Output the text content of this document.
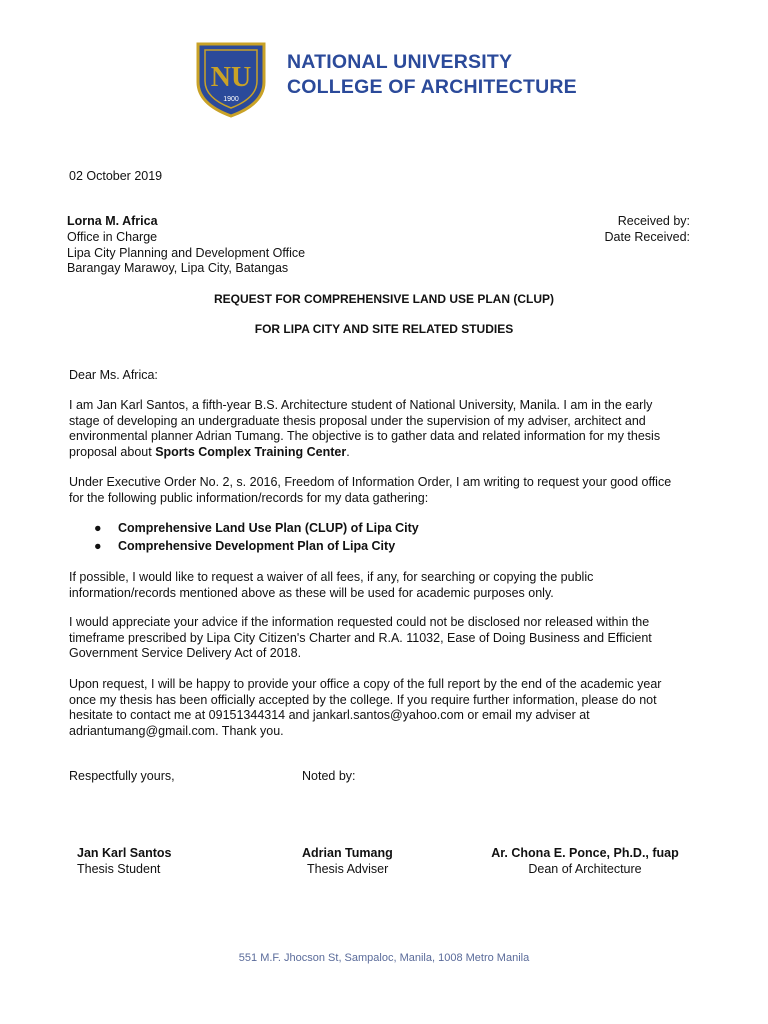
NU
1900
NATIONAL UNIVERSITY
COLLEGE OF ARCHITECTURE
02 October 2019
Lorna M. Africa
Office in Charge
Lipa City Planning and Development Office
Barangay Marawoy, Lipa City, Batangas
Received by:
Date Received:
REQUEST FOR COMPREHENSIVE LAND USE PLAN (CLUP)
FOR LIPA CITY AND SITE RELATED STUDIES
Dear Ms. Africa:

I am Jan Karl Santos, a fifth-year B.S. Architecture student of National University, Manila. I am in the early

stage of developing an undergraduate thesis proposal under the supervision of my adviser, architect and

environmental planner Adrian Tumang. The objective is to gather data and related information for my thesis

proposal about Sports Complex Training Center.

Under Executive Order No. 2, s. 2016, Freedom of Information Order, I am writing to request your good office

for the following public information/records for my data gathering:

● Comprehensive Land Use Plan (CLUP) of Lipa City
● Comprehensive Development Plan of Lipa City

If possible, I would like to request a waiver of all fees, if any, for searching or copying the public

information/records mentioned above as these will be used for academic purposes only.

I would appreciate your advice if the information requested could not be disclosed nor released within the

timeframe prescribed by Lipa City Citizen's Charter and R.A. 11032, Ease of Doing Business and Efficient

Government Service Delivery Act of 2018.

Upon request, I will be happy to provide your office a copy of the full report by the end of the academic year

once my thesis has been officially accepted by the college. If you require further information, please do not

hesitate to contact me at 09151344314 and jankarl.santos@yahoo.com or email my adviser at

adriantumang@gmail.com. Thank you.

Respectfully yours,	Noted by:
Jan Karl Santos
Thesis Student
Adrian Tumang
Thesis Adviser
Ar. Chona E. Ponce, Ph.D., fuap
Dean of Architecture
551 M.F. Jhocson St, Sampaloc, Manila, 1008 Metro Manila
